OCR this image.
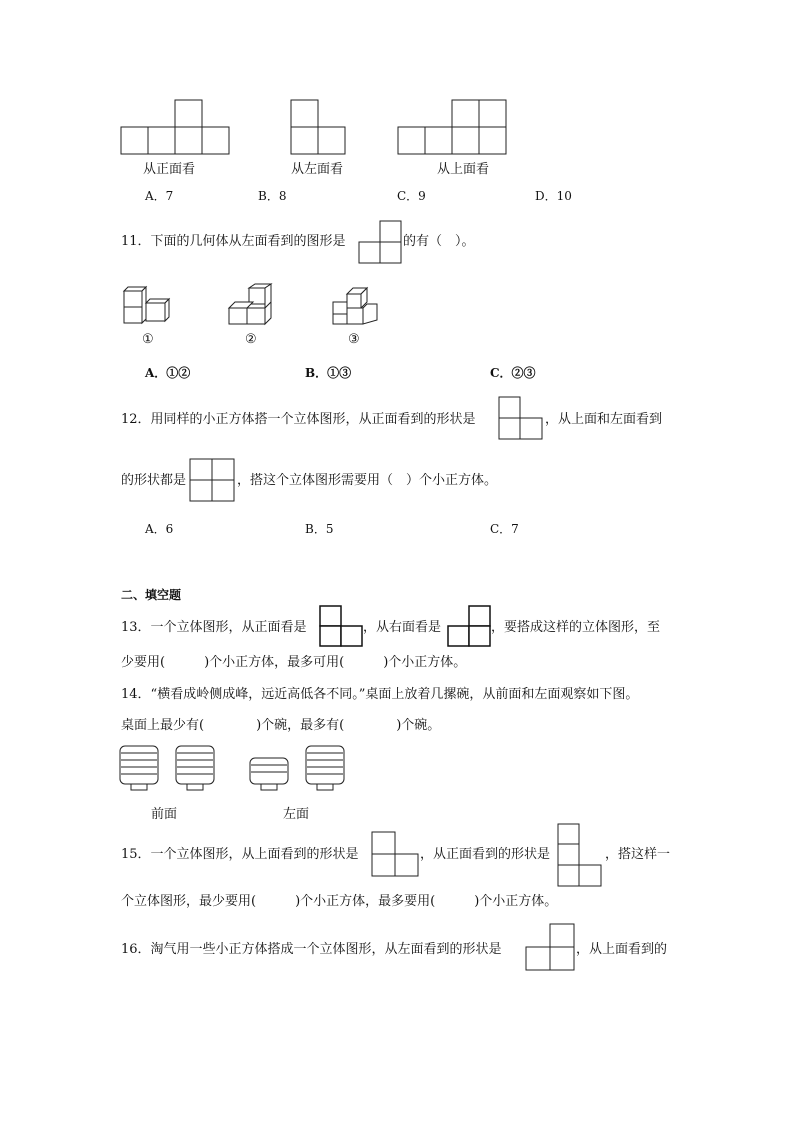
从正面看	从左面看	从上面看
A．7	B．8	C．9	D．10
11．下面的几何体从左面看到的图形是	的有（　）。
①	②	③
A．①②	B．①③	C．②③
12．用同样的小正方体搭一个立体图形，从正面看到的形状是	，从上面和左面看到
的形状都是	，搭这个立体图形需要用（　）个小正方体。
A．6	B．5	C．7
二、填空题
13．一个立体图形，从正面看是	，从右面看是	，要搭成这样的立体图形，至
少要用(　　　)个小正方体，最多可用(　　　)个小正方体。
14．“横看成岭侧成峰，远近高低各不同。”桌面上放着几摞碗，从前面和左面观察如下图。
桌面上最少有(　　　　)个碗，最多有(　　　　)个碗。
前面	左面
15．一个立体图形，从上面看到的形状是	，从正面看到的形状是	，搭这样一
个立体图形，最少要用(　　　)个小正方体，最多要用(　　　)个小正方体。
16．淘气用一些小正方体搭成一个立体图形，从左面看到的形状是	，从上面看到的
